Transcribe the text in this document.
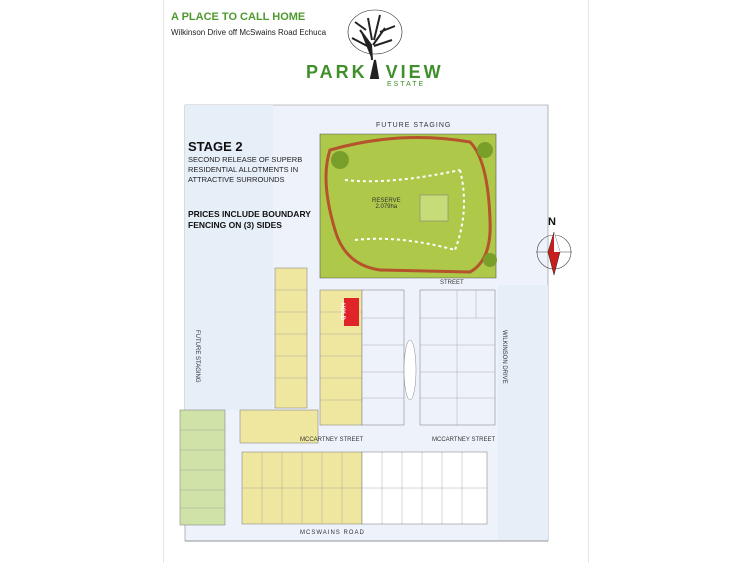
A PLACE TO CALL HOME
Wilkinson Drive off McSwains Road Echuca
PARK VIEW
ESTATE
STAGE 2
SECOND RELEASE OF SUPERB RESIDENTIAL ALLOTMENTS IN ATTRACTIVE SURROUNDS
PRICES INCLUDE BOUNDARY FENCING ON (3) SIDES
FUTURE STAGING
RESERVE
2.079ha
STREET
FUTURE STAGING
MCCARTNEY STREET	MCCARTNEY STREET
MCSWAINS ROAD
WILKINSON DRIVE
HOLD
N
